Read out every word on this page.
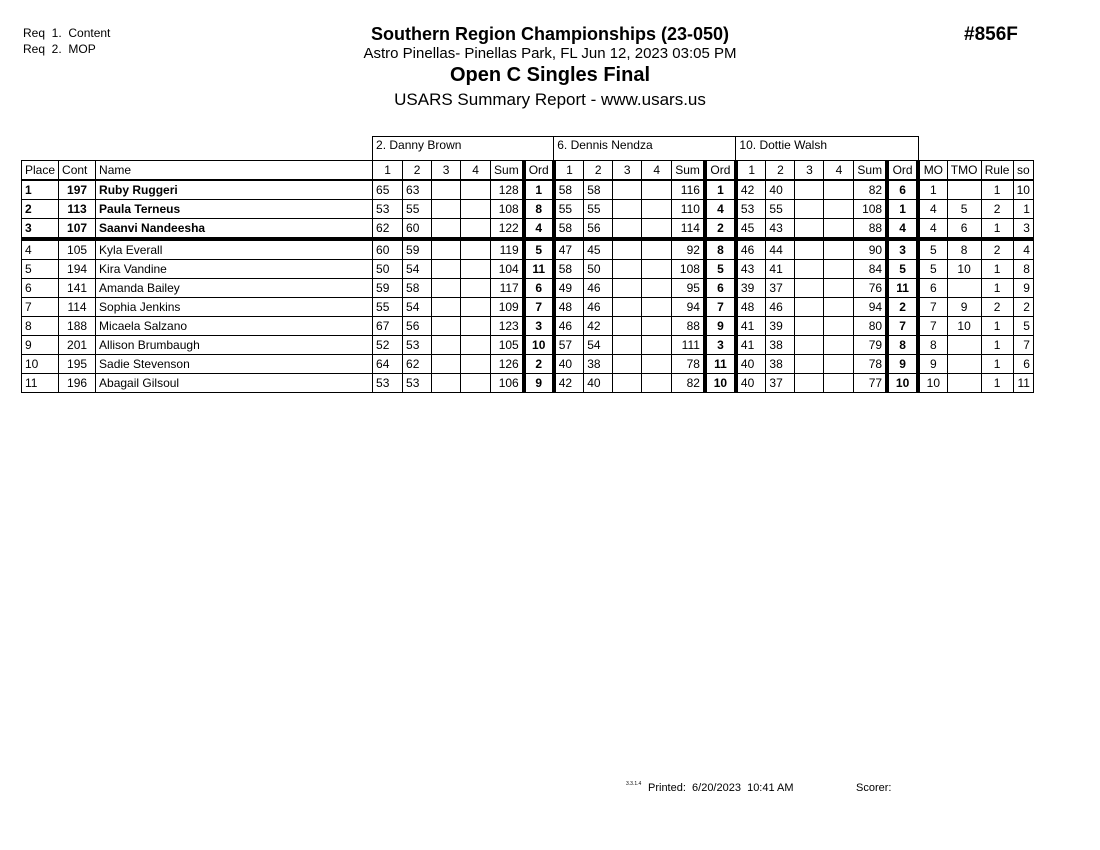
Req  1.  Content
Req  2.  MOP
Southern Region Championships (23-050)
Astro Pinellas- Pinellas Park, FL Jun 12, 2023 03:05 PM
Open C Singles Final
USARS Summary Report - www.usars.us
#856F
			2. Danny Brown						6. Dennis Nendza						10. Dottie Walsh									
Place	Cont	Name	1	2	3	4	Sum	Ord	1	2	3	4	Sum	Ord	1	2	3	4	Sum	Ord	MO	TMO	Rule	so
1	197	Ruby Ruggeri	65	63			128	1	58	58			116	1	42	40			82	6	1		1	10
2	113	Paula Terneus	53	55			108	8	55	55			110	4	53	55			108	1	4	5	2	1
3	107	Saanvi Nandeesha	62	60			122	4	58	56			114	2	45	43			88	4	4	6	1	3
4	105	Kyla Everall	60	59			119	5	47	45			92	8	46	44			90	3	5	8	2	4
5	194	Kira Vandine	50	54			104	11	58	50			108	5	43	41			84	5	5	10	1	8
6	141	Amanda Bailey	59	58			117	6	49	46			95	6	39	37			76	11	6		1	9
7	114	Sophia Jenkins	55	54			109	7	48	46			94	7	48	46			94	2	7	9	2	2
8	188	Micaela Salzano	67	56			123	3	46	42			88	9	41	39			80	7	7	10	1	5
9	201	Allison Brumbaugh	52	53			105	10	57	54			111	3	41	38			79	8	8		1	7
10	195	Sadie Stevenson	64	62			126	2	40	38			78	11	40	38			78	9	9		1	6
11	196	Abagail Gilsoul	53	53			106	9	42	40			82	10	40	37			77	10	10		1	11
3.3.1.4 Printed:  6/20/2023  10:41 AM	Scorer:
